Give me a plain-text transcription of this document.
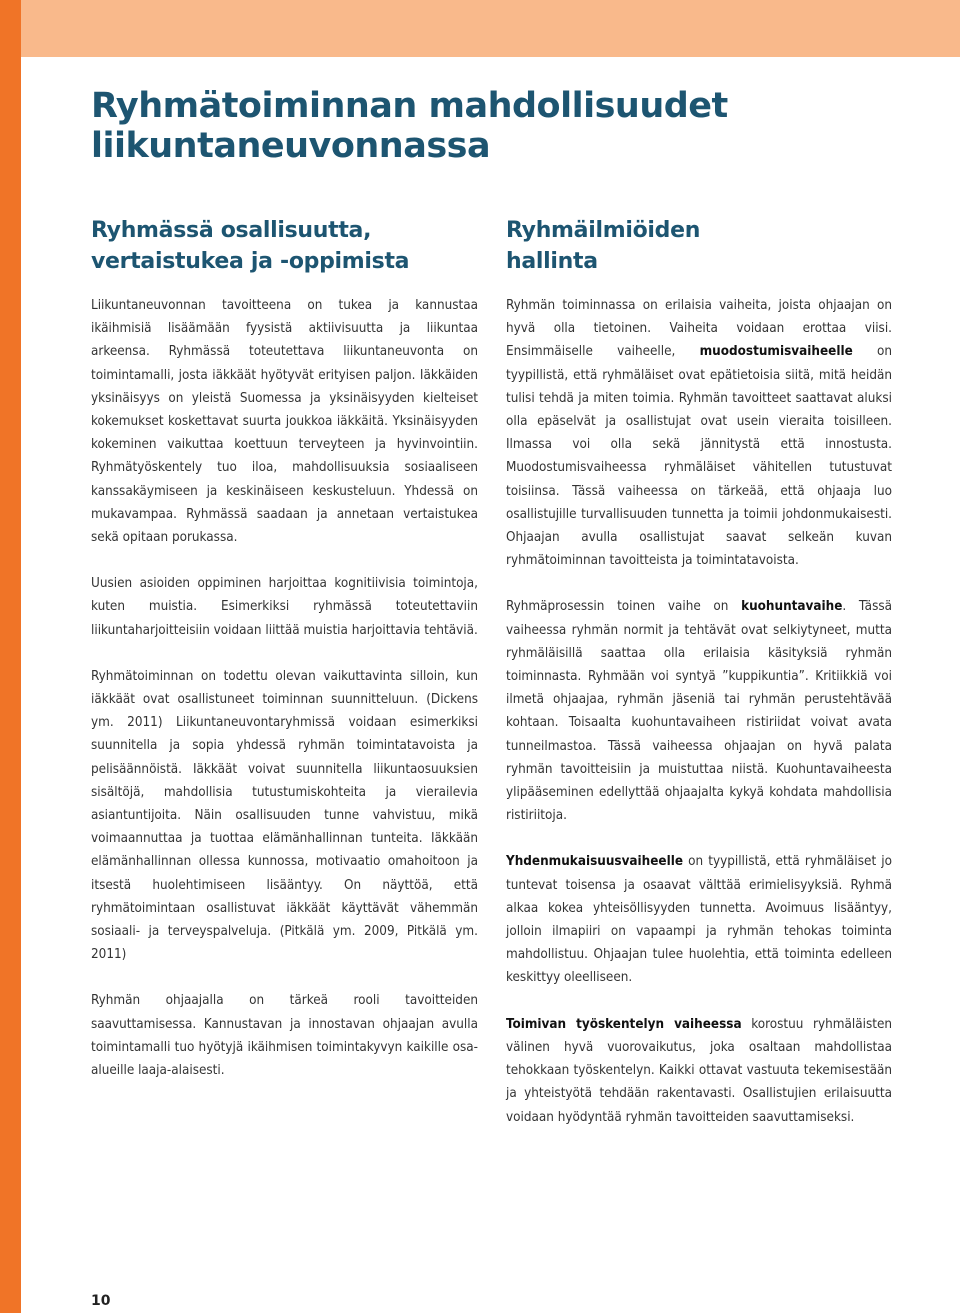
Ryhmätoiminnan mahdollisuudet liikuntaneuvonnassa
Ryhmässä osallisuutta,
vertaistukea ja -oppimista

Liikuntaneuvonnan tavoitteena on tukea ja kannustaa ikäihmisiä lisäämään fyysistä aktiivisuutta ja liikuntaa arkeensa. Ryhmässä toteutettava liikuntaneuvonta on toimintamalli, josta iäkkäät hyötyvät erityisen paljon. Iäkkäiden yksinäisyys on yleistä Suomessa ja yksinäisyyden kielteiset kokemukset koskettavat suurta joukkoa iäkkäitä. Yksinäisyyden kokeminen vaikuttaa koettuun terveyteen ja hyvinvointiin. Ryhmätyöskentely tuo iloa, mahdollisuuksia sosiaaliseen kanssakäymiseen ja keskinäiseen keskusteluun. Yhdessä on mukavampaa. Ryhmässä saadaan ja annetaan vertaistukea sekä opitaan porukassa.

Uusien asioiden oppiminen harjoittaa kognitiivisia toimintoja, kuten muistia. Esimerkiksi ryhmässä toteutettaviin liikuntaharjoitteisiin voidaan liittää muistia harjoittavia tehtäviä.

Ryhmätoiminnan on todettu olevan vaikuttavinta silloin, kun iäkkäät ovat osallistuneet toiminnan suunnitteluun. (Dickens ym. 2011) Liikuntaneuvontaryhmissä voidaan esimerkiksi suunnitella ja sopia yhdessä ryhmän toimintatavoista ja pelisäännöistä. Iäkkäät voivat suunnitella liikuntaosuuksien sisältöjä, mahdollisia tutustumiskohteita ja vierailevia asiantuntijoita. Näin osallisuuden tunne vahvistuu, mikä voimaannuttaa ja tuottaa elämänhallinnan tunteita. Iäkkään elämänhallinnan ollessa kunnossa, motivaatio omahoitoon ja itsestä huolehtimiseen lisääntyy. On näyttöä, että ryhmätoimintaan osallistuvat iäkkäät käyttävät vähemmän sosiaali- ja terveyspalveluja. (Pitkälä ym. 2009, Pitkälä ym. 2011)

Ryhmän ohjaajalla on tärkeä rooli tavoitteiden saavuttamisessa. Kannustavan ja innostavan ohjaajan avulla toimintamalli tuo hyötyjä ikäihmisen toimintakyvyn kaikille osa-alueille laaja-alaisesti.

Ryhmäilmiöiden
hallinta

Ryhmän toiminnassa on erilaisia vaiheita, joista ohjaajan on hyvä olla tietoinen. Vaiheita voidaan erottaa viisi. Ensimmäiselle vaiheelle, muodostumisvaiheelle on tyypillistä, että ryhmäläiset ovat epätietoisia siitä, mitä heidän tulisi tehdä ja miten toimia. Ryhmän tavoitteet saattavat aluksi olla epäselvät ja osallistujat ovat usein vieraita toisilleen. Ilmassa voi olla sekä jännitystä että innostusta. Muodostumisvaiheessa ryhmäläiset vähitellen tutustuvat toisiinsa. Tässä vaiheessa on tärkeää, että ohjaaja luo osallistujille turvallisuuden tunnetta ja toimii johdonmukaisesti. Ohjaajan avulla osallistujat saavat selkeän kuvan ryhmätoiminnan tavoitteista ja toimintatavoista.

Ryhmäprosessin toinen vaihe on kuohuntavaihe. Tässä vaiheessa ryhmän normit ja tehtävät ovat selkiytyneet, mutta ryhmäläisillä saattaa olla erilaisia käsityksiä ryhmän toiminnasta. Ryhmään voi syntyä ”kuppikuntia”. Kritiikkiä voi ilmetä ohjaajaa, ryhmän jäseniä tai ryhmän perustehtävää kohtaan. Toisaalta kuohuntavaiheen ristiriidat voivat avata tunneilmastoa. Tässä vaiheessa ohjaajan on hyvä palata ryhmän tavoitteisiin ja muistuttaa niistä. Kuohuntavaiheesta ylipääseminen edellyttää ohjaajalta kykyä kohdata mahdollisia ristiriitoja.

Yhdenmukaisuusvaiheelle on tyypillistä, että ryhmäläiset jo tuntevat toisensa ja osaavat välttää erimielisyyksiä. Ryhmä alkaa kokea yhteisöllisyyden tunnetta. Avoimuus lisääntyy, jolloin ilmapiiri on vapaampi ja ryhmän tehokas toiminta mahdollistuu. Ohjaajan tulee huolehtia, että toiminta edelleen keskittyy oleelliseen.

Toimivan työskentelyn vaiheessa korostuu ryhmäläisten välinen hyvä vuorovaikutus, joka osaltaan mahdollistaa tehokkaan työskentelyn. Kaikki ottavat vastuuta tekemisestään ja yhteistyötä tehdään rakentavasti. Osallistujien erilaisuutta voidaan hyödyntää ryhmän tavoitteiden saavuttamiseksi.

10
